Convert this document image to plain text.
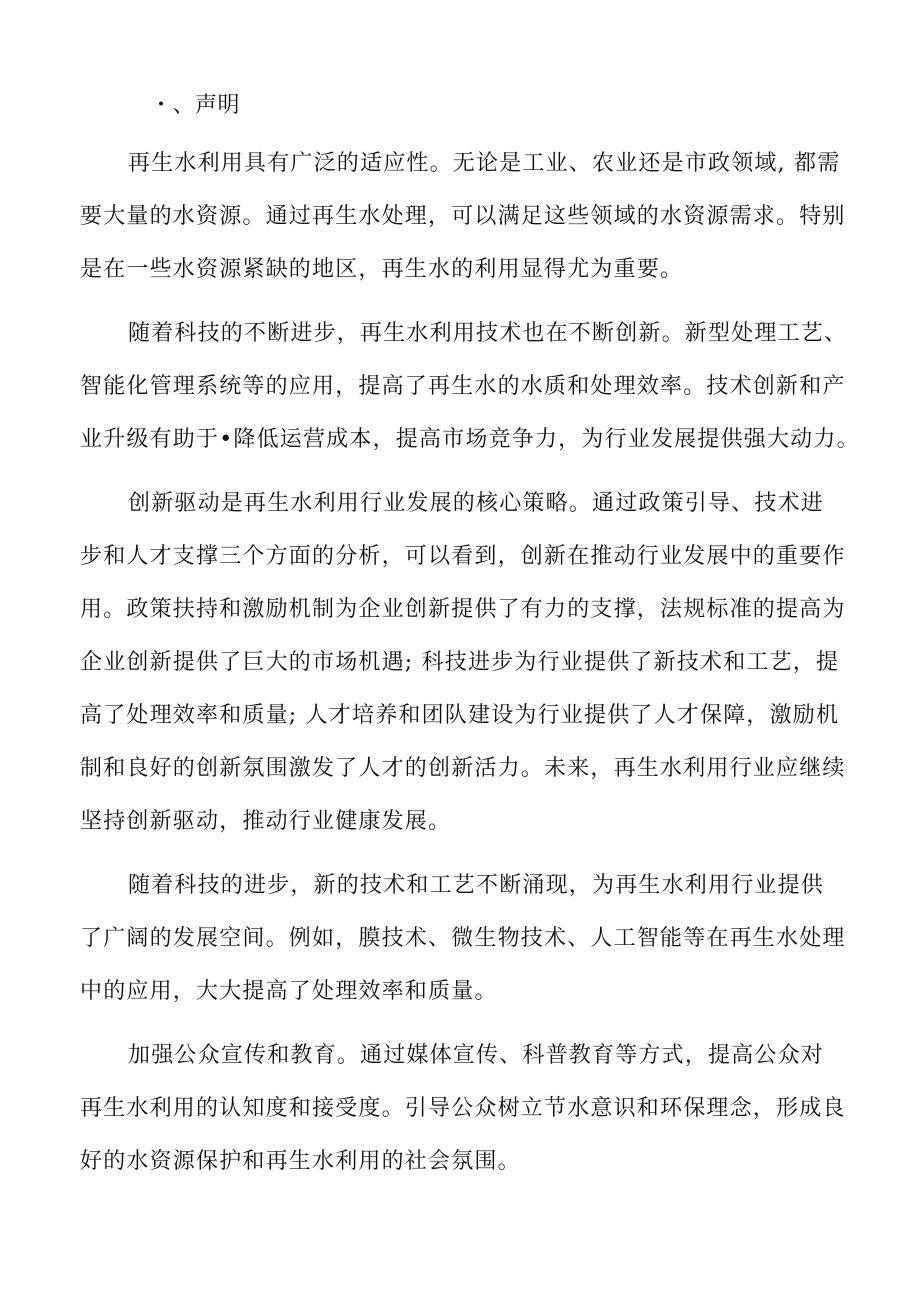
・、声明
再生水利用具有广泛的适应性。无论是工业、农业还是市政领域, 都需
要大量的水资源。通过再生水处理，可以满足这些领域的水资源需求。特别
是在一些水资源紧缺的地区，再生水的利用显得尤为重要。
随着科技的不断进步，再生水利用技术也在不断创新。新型处理工艺、
智能化管理系统等的应用，提高了再生水的水质和处理效率。技术创新和产
业升级有助于•降低运营成本，提高市场竞争力，为行业发展提供强大动力。
创新驱动是再生水利用行业发展的核心策略。通过政策引导、技术进
步和人才支撑三个方面的分析，可以看到，创新在推动行业发展中的重要作
用。政策扶持和激励机制为企业创新提供了有力的支撑，法规标准的提高为
企业创新提供了巨大的市场机遇; 科技进步为行业提供了新技术和工艺，提
高了处理效率和质量; 人才培养和团队建设为行业提供了人才保障，激励机
制和良好的创新氛围激发了人才的创新活力。未来，再生水利用行业应继续
坚持创新驱动，推动行业健康发展。
随着科技的进步，新的技术和工艺不断涌现，为再生水利用行业提供
了广阔的发展空间。例如，膜技术、微生物技术、人工智能等在再生水处理
中的应用，大大提高了处理效率和质量。
加强公众宣传和教育。通过媒体宣传、科普教育等方式，提高公众对
再生水利用的认知度和接受度。引导公众树立节水意识和环保理念，形成良
好的水资源保护和再生水利用的社会氛围。
